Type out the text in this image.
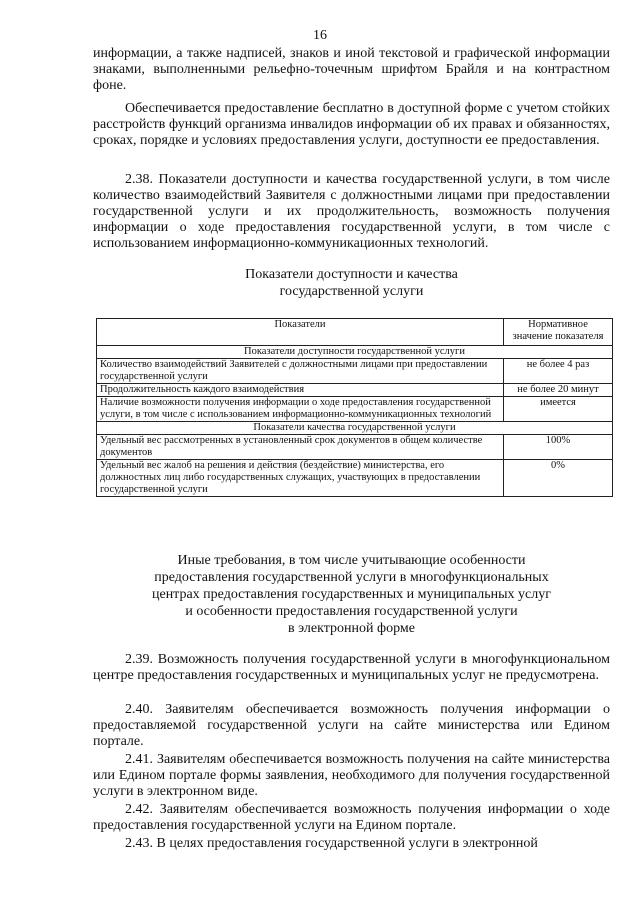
16

информации, а также надписей, знаков и иной текстовой и графической информации знаками, выполненными рельефно-точечным шрифтом Брайля и на контрастном фоне.

Обеспечивается предоставление бесплатно в доступной форме с учетом стойких расстройств функций организма инвалидов информации об их правах и обязанностях, сроках, порядке и условиях предоставления услуги, доступности ее предоставления.

2.38. Показатели доступности и качества государственной услуги, в том числе количество взаимодействий Заявителя с должностными лицами при предоставлении государственной услуги и их продолжительность, возможность получения информации о ходе предоставления государственной услуги, в том числе с использованием информационно-коммуникационных технологий.

Показатели доступности и качества
государственной услуги
Показатели	Нормативное значение показателя
Показатели доступности государственной услуги	
Количество взаимодействий Заявителей с должностными лицами при предоставлении государственной услуги	не более 4 раз
Продолжительность каждого взаимодействия	не более 20 минут
Наличие возможности получения информации о ходе предоставления государственной услуги, в том числе с использованием информационно-коммуникационных технологий	имеется
Показатели качества государственной услуги	
Удельный вес рассмотренных в установленный срок документов в общем количестве документов	100%
Удельный вес жалоб на решения и действия (бездействие) министерства, его должностных лиц либо государственных служащих, участвующих в предоставлении государственной услуги	0%
Иные требования, в том числе учитывающие особенности
предоставления государственной услуги в многофункциональных
центрах предоставления государственных и муниципальных услуг
и особенности предоставления государственной услуги
в электронной форме

2.39. Возможность получения государственной услуги в многофункциональном центре предоставления государственных и муниципальных услуг не предусмотрена.

2.40. Заявителям обеспечивается возможность получения информации о предоставляемой государственной услуги на сайте министерства или Едином портале.

2.41. Заявителям обеспечивается возможность получения на сайте министерства или Едином портале формы заявления, необходимого для получения государственной услуги в электронном виде.

2.42. Заявителям обеспечивается возможность получения информации о ходе предоставления государственной услуги на Едином портале.

2.43. В целях предоставления государственной услуги в электронной
